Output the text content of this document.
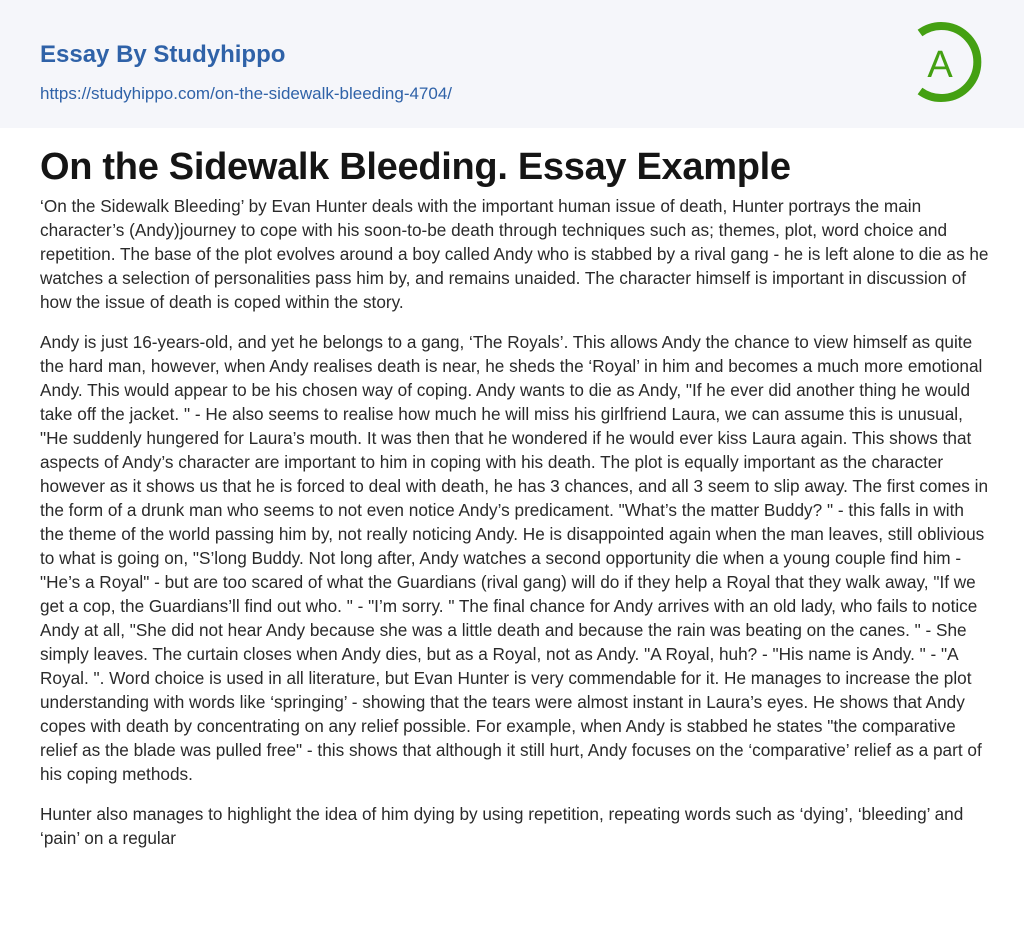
Essay By Studyhippo
https://studyhippo.com/on-the-sidewalk-bleeding-4704/
A
On the Sidewalk Bleeding. Essay Example

‘On the Sidewalk Bleeding’ by Evan Hunter deals with the important human issue of death, Hunter portrays the main character’s (Andy)journey to cope with his soon-to-be death through techniques such as; themes, plot, word choice and repetition. The base of the plot evolves around a boy called Andy who is stabbed by a rival gang - he is left alone to die as he watches a selection of personalities pass him by, and remains unaided. The character himself is important in discussion of how the issue of death is coped within the story.

Andy is just 16-years-old, and yet he belongs to a gang, ‘The Royals’. This allows Andy the chance to view himself as quite the hard man, however, when Andy realises death is near, he sheds the ‘Royal’ in him and becomes a much more emotional Andy. This would appear to be his chosen way of coping. Andy wants to die as Andy, "If he ever did another thing he would take off the jacket. " - He also seems to realise how much he will miss his girlfriend Laura, we can assume this is unusual, "He suddenly hungered for Laura’s mouth. It was then that he wondered if he would ever kiss Laura again. This shows that aspects of Andy’s character are important to him in coping with his death. The plot is equally important as the character however as it shows us that he is forced to deal with death, he has 3 chances, and all 3 seem to slip away. The first comes in the form of a drunk man who seems to not even notice Andy’s predicament. "What’s the matter Buddy? " - this falls in with the theme of the world passing him by, not really noticing Andy. He is disappointed again when the man leaves, still oblivious to what is going on, "S’long Buddy. Not long after, Andy watches a second opportunity die when a young couple find him - "He’s a Royal" - but are too scared of what the Guardians (rival gang) will do if they help a Royal that they walk away, "If we get a cop, the Guardians’ll find out who. " - "I’m sorry. " The final chance for Andy arrives with an old lady, who fails to notice Andy at all, "She did not hear Andy because she was a little death and because the rain was beating on the canes. " - She simply leaves. The curtain closes when Andy dies, but as a Royal, not as Andy. "A Royal, huh? - "His name is Andy. " - "A Royal. ". Word choice is used in all literature, but Evan Hunter is very commendable for it. He manages to increase the plot understanding with words like ‘springing’ - showing that the tears were almost instant in Laura’s eyes. He shows that Andy copes with death by concentrating on any relief possible. For example, when Andy is stabbed he states "the comparative relief as the blade was pulled free" - this shows that although it still hurt, Andy focuses on the ‘comparative’ relief as a part of his coping methods.

Hunter also manages to highlight the idea of him dying by using repetition, repeating words such as ‘dying’, ‘bleeding’ and ‘pain’ on a regular
